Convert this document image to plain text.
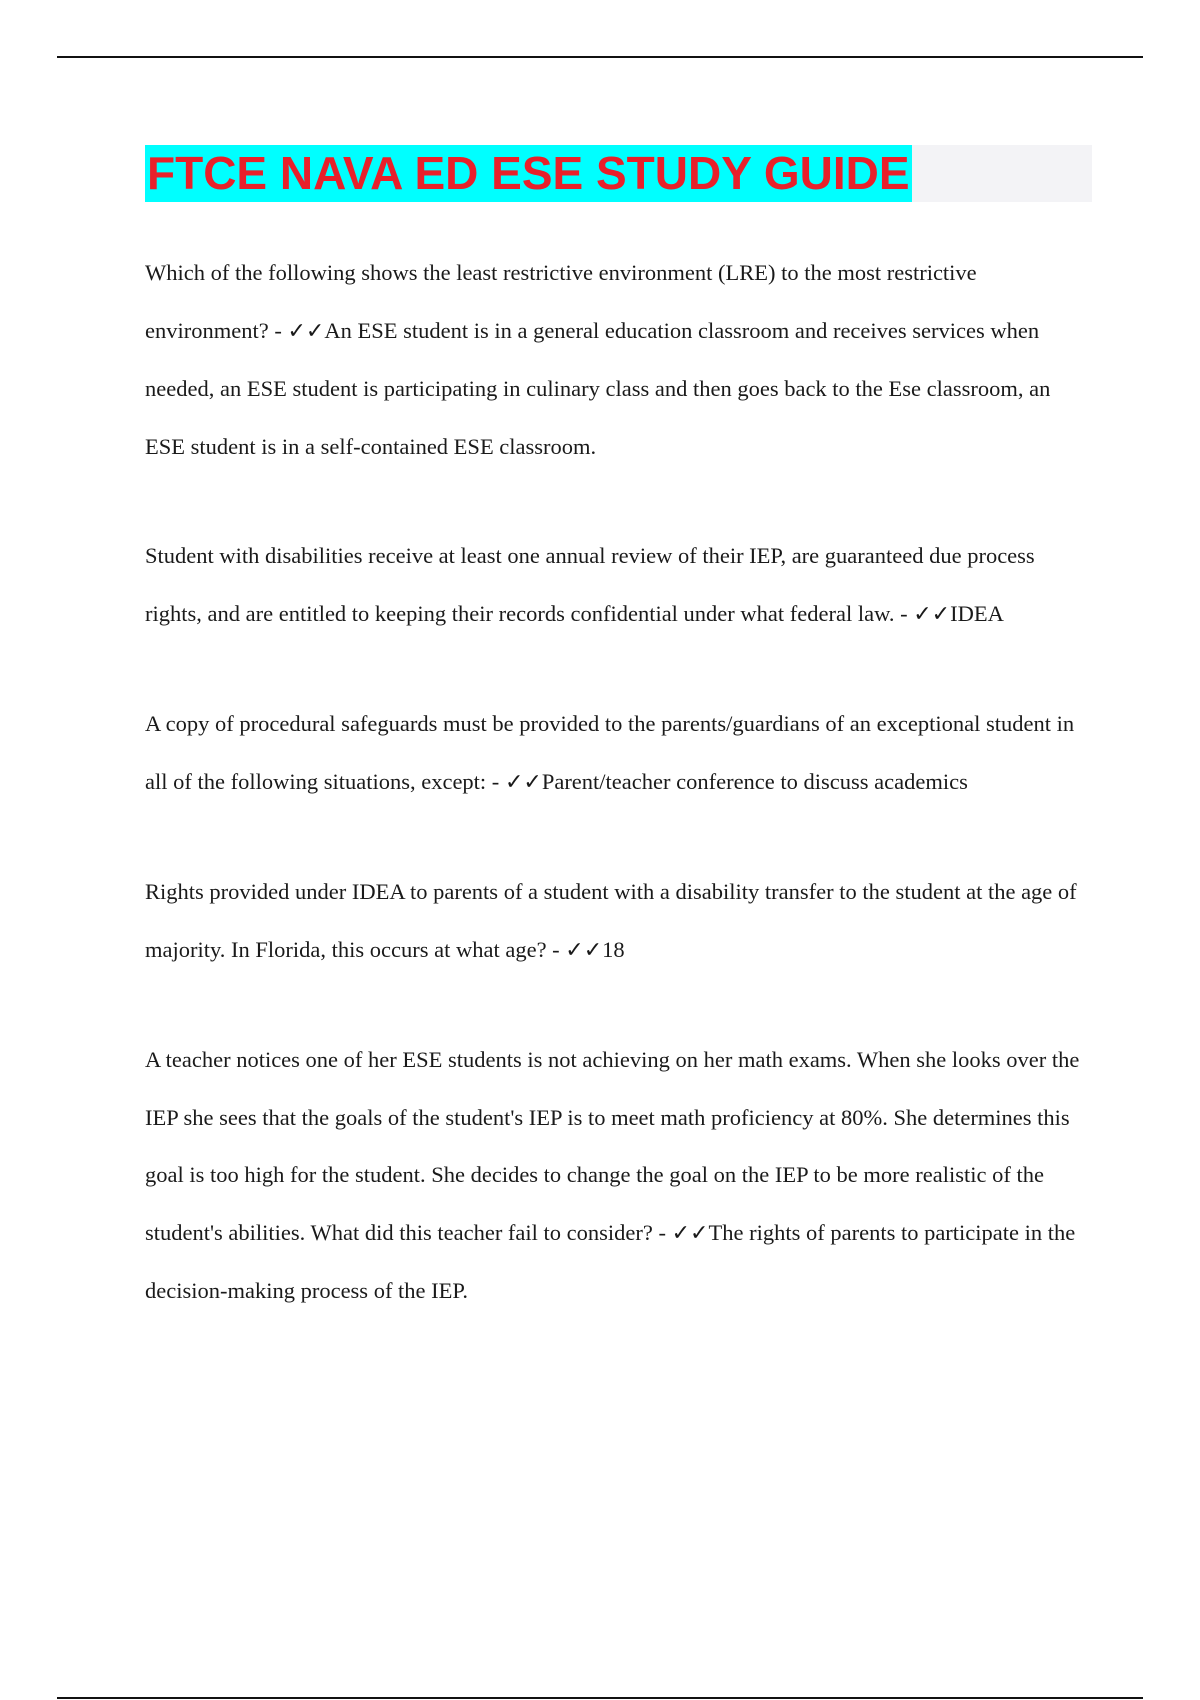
FTCE NAVA ED ESE STUDY GUIDE

Which of the following shows the least restrictive environment (LRE) to the most restrictive environment? - ✓✓An ESE student is in a general education classroom and receives services when needed, an ESE student is participating in culinary class and then goes back to the Ese classroom, an ESE student is in a self-contained ESE classroom.

Student with disabilities receive at least one annual review of their IEP, are guaranteed due process rights, and are entitled to keeping their records confidential under what federal law. - ✓✓IDEA

A copy of procedural safeguards must be provided to the parents/guardians of an exceptional student in all of the following situations, except: - ✓✓Parent/teacher conference to discuss academics

Rights provided under IDEA to parents of a student with a disability transfer to the student at the age of majority. In Florida, this occurs at what age? - ✓✓18

A teacher notices one of her ESE students is not achieving on her math exams. When she looks over the IEP she sees that the goals of the student's IEP is to meet math proficiency at 80%. She determines this goal is too high for the student. She decides to change the goal on the IEP to be more realistic of the student's abilities. What did this teacher fail to consider? - ✓✓The rights of parents to participate in the decision-making process of the IEP.
